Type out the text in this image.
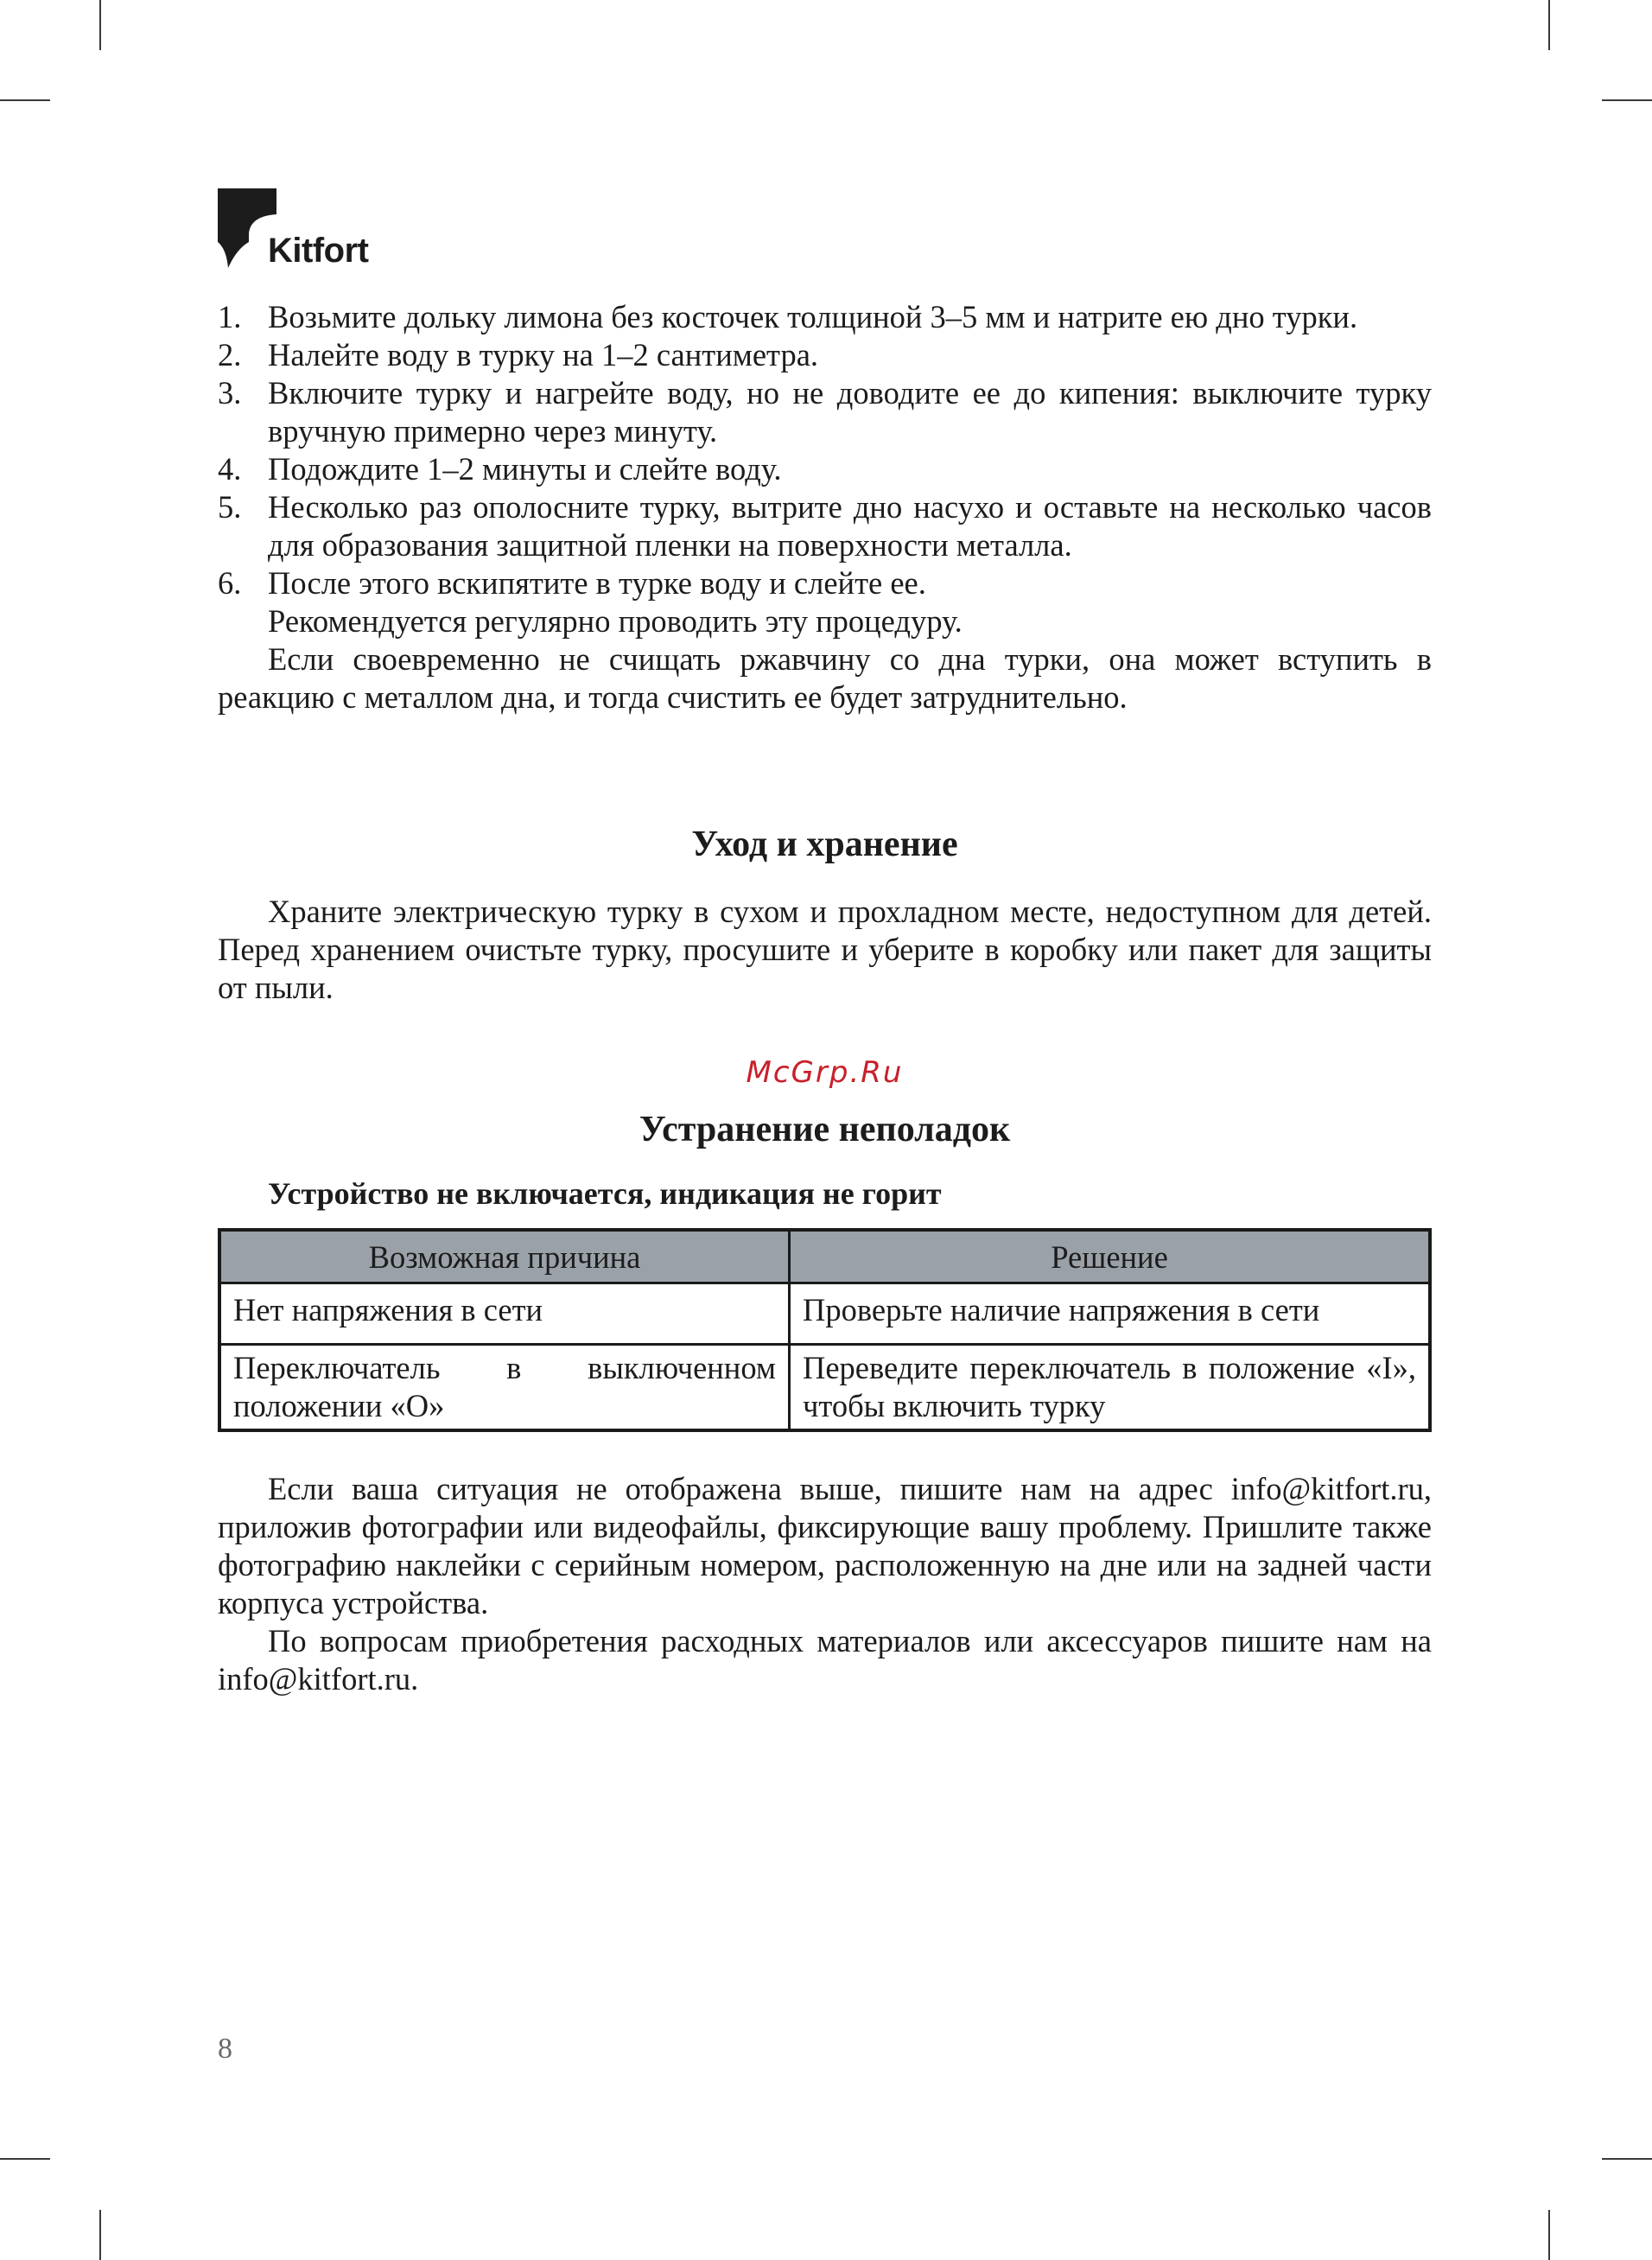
Kitfort
1. Возьмите дольку лимона без косточек толщиной 3–5 мм и натрите ею дно турки.
2. Налейте воду в турку на 1–2 сантиметра.
3. Включите турку и нагрейте воду, но не доводите ее до кипения: выключите турку вручную примерно через минуту.
4. Подождите 1–2 минуты и слейте воду.
5. Несколько раз ополосните турку, вытрите дно насухо и оставьте на несколько часов для образования защитной пленки на поверхности металла.
6. После этого вскипятите в турке воду и слейте ее.

Рекомендуется регулярно проводить эту процедуру.

Если своевременно не счищать ржавчину со дна турки, она может вступить в реакцию с металлом дна, и тогда счистить ее будет затруднительно.

Уход и хранение

Храните электрическую турку в сухом и прохладном месте, недоступном для детей. Перед хранением очистьте турку, просушите и уберите в коробку или пакет для защиты от пыли.

McGrp.Ru
Устранение неполадок

Устройство не включается, индикация не горит

Возможная причина	Решение
Нет напряжения в сети	Проверьте наличие напряжения в сети
Переключатель в выключенном положении «O»	Переведите переключатель в положение «I», чтобы включить турку

Если ваша ситуация не отображена выше, пишите нам на адрес info@kitfort.ru, приложив фотографии или видеофайлы, фиксирующие вашу проблему. Пришлите также фотографию наклейки с серийным номером, расположенную на дне или на задней части корпуса устройства.

По вопросам приобретения расходных материалов или аксессуаров пишите нам на info@kitfort.ru.

8
